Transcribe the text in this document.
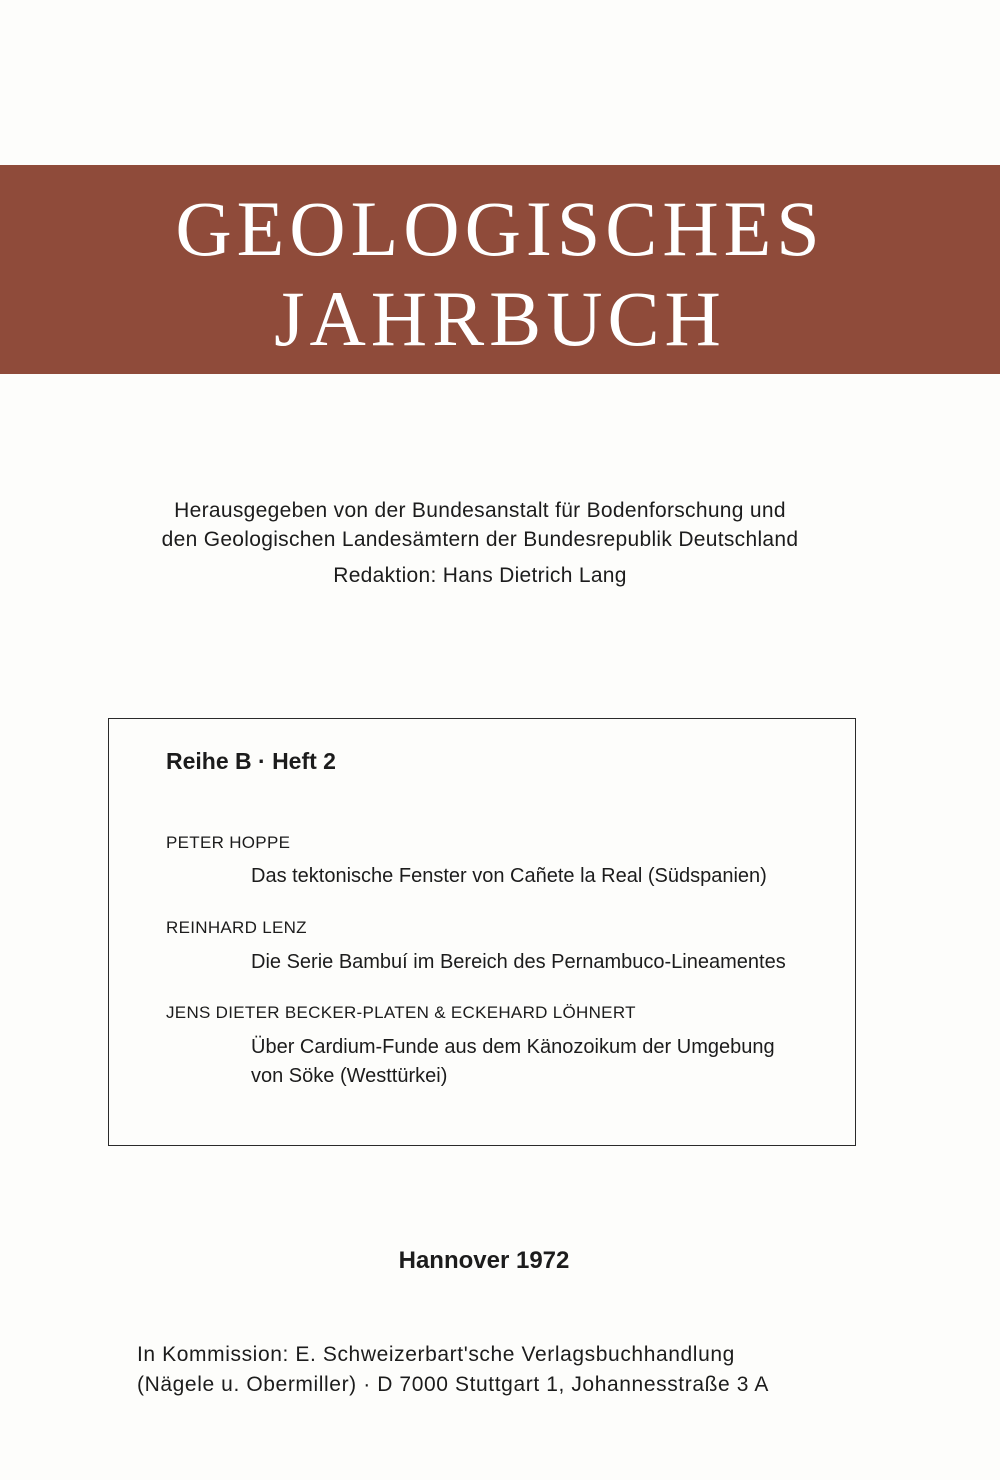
GEOLOGISCHES
JAHRBUCH
Herausgegeben von der Bundesanstalt für Bodenforschung und
den Geologischen Landesämtern der Bundesrepublik Deutschland
Redaktion: Hans Dietrich Lang
Reihe B · Heft 2
PETER HOPPE
Das tektonische Fenster von Cañete la Real (Südspanien)
REINHARD LENZ
Die Serie Bambuí im Bereich des Pernambuco-Lineamentes
JENS DIETER BECKER-PLATEN & ECKEHARD LÖHNERT
Über Cardium-Funde aus dem Känozoikum der Umgebung
von Söke (Westtürkei)
Hannover 1972
In Kommission: E. Schweizerbart'sche Verlagsbuchhandlung
(Nägele u. Obermiller) · D 7000 Stuttgart 1, Johannesstraße 3 A
